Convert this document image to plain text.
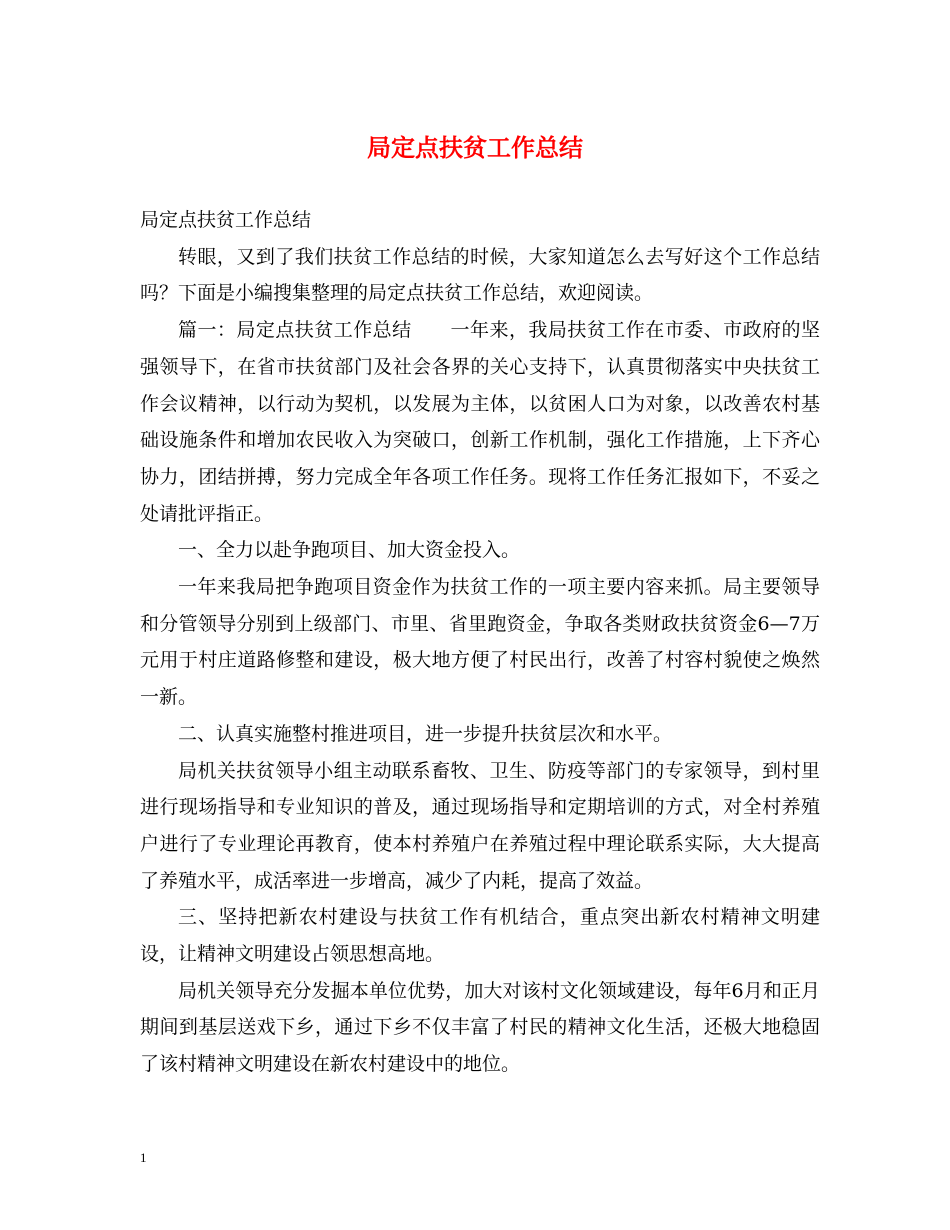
局定点扶贫工作总结

局定点扶贫工作总结

转眼，又到了我们扶贫工作总结的时候，大家知道怎么去写好这个工作总结吗？下面是小编搜集整理的局定点扶贫工作总结，欢迎阅读。

篇一：局定点扶贫工作总结　　一年来，我局扶贫工作在市委、市政府的坚强领导下，在省市扶贫部门及社会各界的关心支持下，认真贯彻落实中央扶贫工作会议精神，以行动为契机，以发展为主体，以贫困人口为对象，以改善农村基础设施条件和增加农民收入为突破口，创新工作机制，强化工作措施，上下齐心协力，团结拼搏，努力完成全年各项工作任务。现将工作任务汇报如下，不妥之处请批评指正。

一、全力以赴争跑项目、加大资金投入。

一年来我局把争跑项目资金作为扶贫工作的一项主要内容来抓。局主要领导和分管领导分别到上级部门、市里、省里跑资金，争取各类财政扶贫资金6—7万元用于村庄道路修整和建设，极大地方便了村民出行，改善了村容村貌使之焕然一新。

二、认真实施整村推进项目，进一步提升扶贫层次和水平。

局机关扶贫领导小组主动联系畜牧、卫生、防疫等部门的专家领导，到村里进行现场指导和专业知识的普及，通过现场指导和定期培训的方式，对全村养殖户进行了专业理论再教育，使本村养殖户在养殖过程中理论联系实际，大大提高了养殖水平，成活率进一步增高，减少了内耗，提高了效益。

三、坚持把新农村建设与扶贫工作有机结合，重点突出新农村精神文明建设，让精神文明建设占领思想高地。

局机关领导充分发掘本单位优势，加大对该村文化领域建设，每年6月和正月期间到基层送戏下乡，通过下乡不仅丰富了村民的精神文化生活，还极大地稳固了该村精神文明建设在新农村建设中的地位。

1
